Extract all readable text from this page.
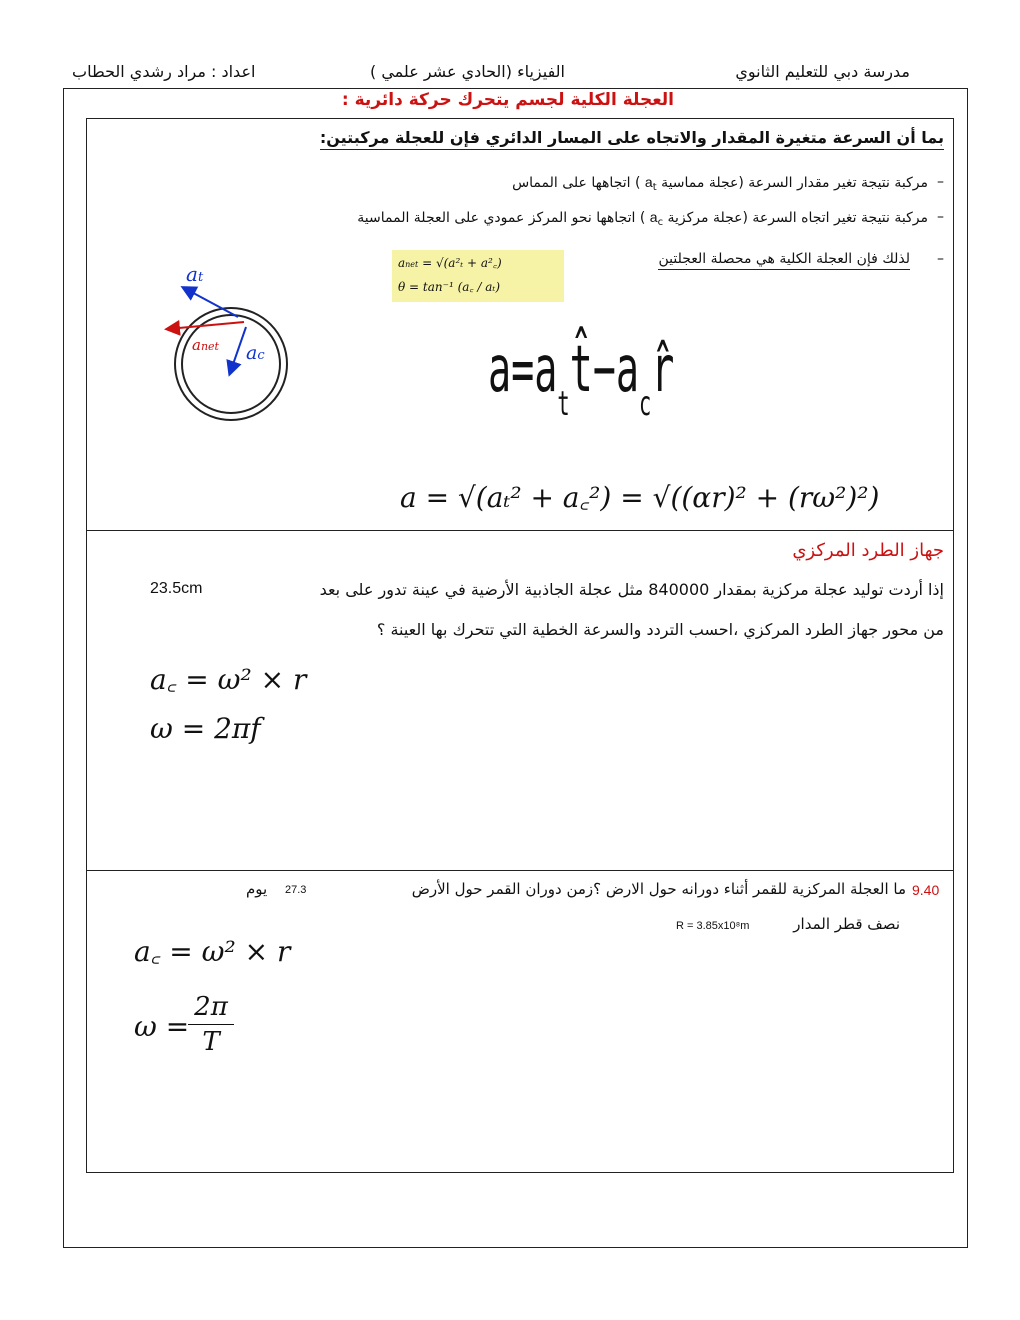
مدرسة دبي للتعليم الثانوي
الفيزياء (الحادي عشر علمي )
اعداد : مراد رشدي الحطاب
العجلة الكلية لجسم يتحرك حركة دائرية :
بما أن السرعة متغيرة المقدار والاتجاه على المسار الدائري فإن للعجلة مركبتين:
–
مركبة نتيجة تغير مقدار السرعة (عجلة مماسية $a_t$ ) اتجاهها على المماس
–
مركبة نتيجة تغير اتجاه السرعة (عجلة مركزية $a_c$ ) اتجاهها نحو المركز عمودي على العجلة المماسية
–
لذلك فإن العجلة الكلية هي محصلة العجلتين
anet = √(a²ₜ + a²꜀)
θ = tan⁻¹ (a꜀ / aₜ)
at
anet ac	$a=a_tt̂-a_cr̂$
a = √(aₜ² + a꜀²) = √((αr)² + (rω²)²)
جهاز الطرد المركزي
إذا أردت توليد عجلة مركزية بمقدار 840000 مثل عجلة الجاذبية الأرضية في عينة تدور على بعد
23.5cm
من محور جهاز الطرد المركزي ،احسب التردد والسرعة الخطية التي تتحرك بها العينة ؟
a꜀ = ω² × r
ω = 2πf
9.40
ما العجلة المركزية للقمر أثناء دورانه حول الارض ؟زمن دوران القمر حول الأرض
27.3
يوم
نصف قطر المدار
R = 3.85x10⁸m
a꜀ = ω² × r
ω =
2π
T
